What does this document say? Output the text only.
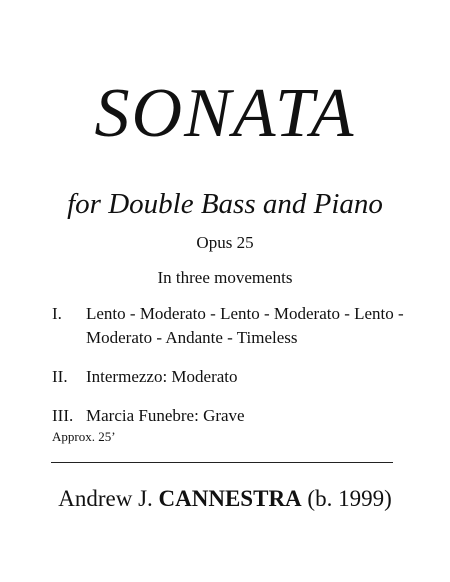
SONATA
for Double Bass and Piano
Opus 25
In three movements
I.	Lento - Moderato - Lento - Moderato - Lento - Moderato - Andante - Timeless
II.	Intermezzo: Moderato
III. Marcia Funebre: Grave
Approx. 25’
Andrew J. CANNESTRA (b. 1999)
